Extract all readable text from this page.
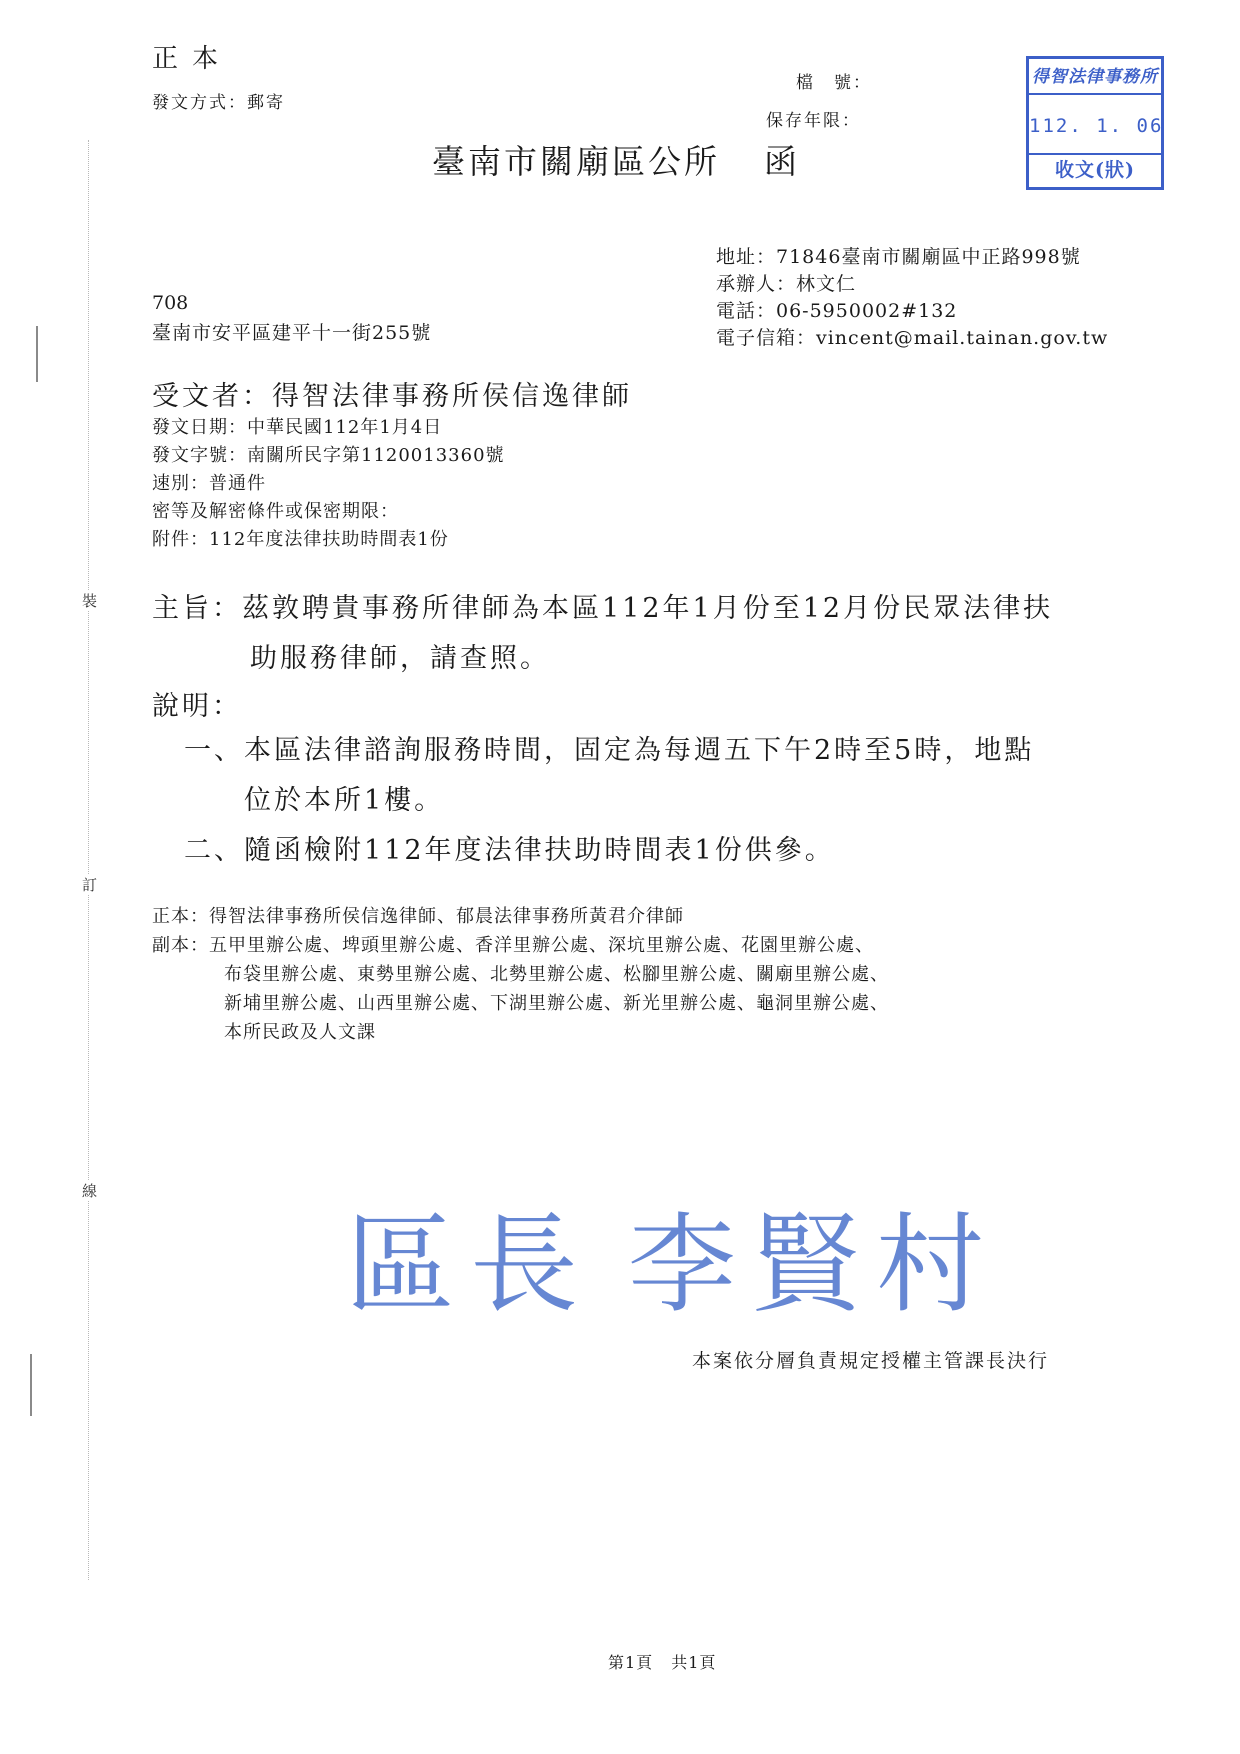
裝
訂
線
正本
發文方式：郵寄
檔　號：
保存年限：
臺南市關廟區公所 函
得智法律事務所
112. 1. 06
收文(狀)
地址：71846臺南市關廟區中正路998號
承辦人：林文仁
電話：06-5950002#132
電子信箱：vincent@mail.tainan.gov.tw
708
臺南市安平區建平十一街255號
受文者：得智法律事務所侯信逸律師
發文日期：中華民國112年1月4日
發文字號：南關所民字第1120013360號
速別：普通件
密等及解密條件或保密期限：
附件：112年度法律扶助時間表1份
主旨：茲敦聘貴事務所律師為本區112年1月份至12月份民眾法律扶
助服務律師，請查照。
說明：
一、本區法律諮詢服務時間，固定為每週五下午2時至5時，地點
位於本所1樓。
二、隨函檢附112年度法律扶助時間表1份供參。
正本：得智法律事務所侯信逸律師、郁晨法律事務所黃君介律師
副本：五甲里辦公處、埤頭里辦公處、香洋里辦公處、深坑里辦公處、花園里辦公處、
布袋里辦公處、東勢里辦公處、北勢里辦公處、松腳里辦公處、關廟里辦公處、
新埔里辦公處、山西里辦公處、下湖里辦公處、新光里辦公處、龜洞里辦公處、
本所民政及人文課
區長 李賢村
本案依分層負責規定授權主管課長決行
第1頁 共1頁
